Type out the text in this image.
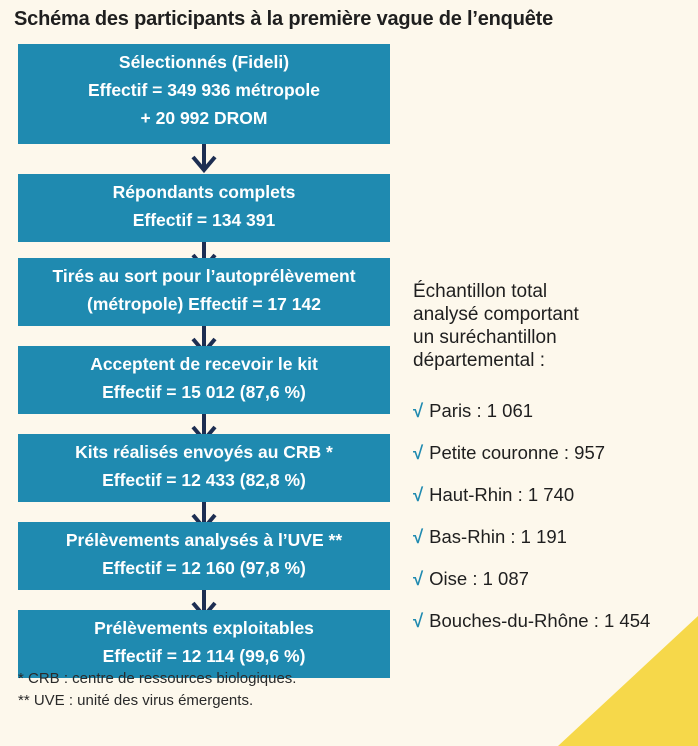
Schéma des participants à la première vague de l’enquête
Sélectionnés (Fideli)
Effectif = 349 936 métropole
+ 20 992 DROM
Répondants complets
Effectif = 134 391
Tirés au sort pour l’autoprélèvement
(métropole) Effectif = 17 142
Acceptent de recevoir le kit
Effectif = 15 012 (87,6 %)
Kits réalisés envoyés au CRB *
Effectif = 12 433 (82,8 %)
Prélèvements analysés à l’UVE **
Effectif = 12 160 (97,8 %)
Prélèvements exploitables
Effectif = 12 114 (99,6 %)
Échantillon total
analysé comportant
un suréchantillon
départemental :
√ Paris : 1 061
√ Petite couronne : 957
√ Haut-Rhin : 1 740
√ Bas-Rhin : 1 191
√ Oise : 1 087
√ Bouches-du-Rhône : 1 454
* CRB : centre de ressources biologiques.
** UVE : unité des virus émergents.
